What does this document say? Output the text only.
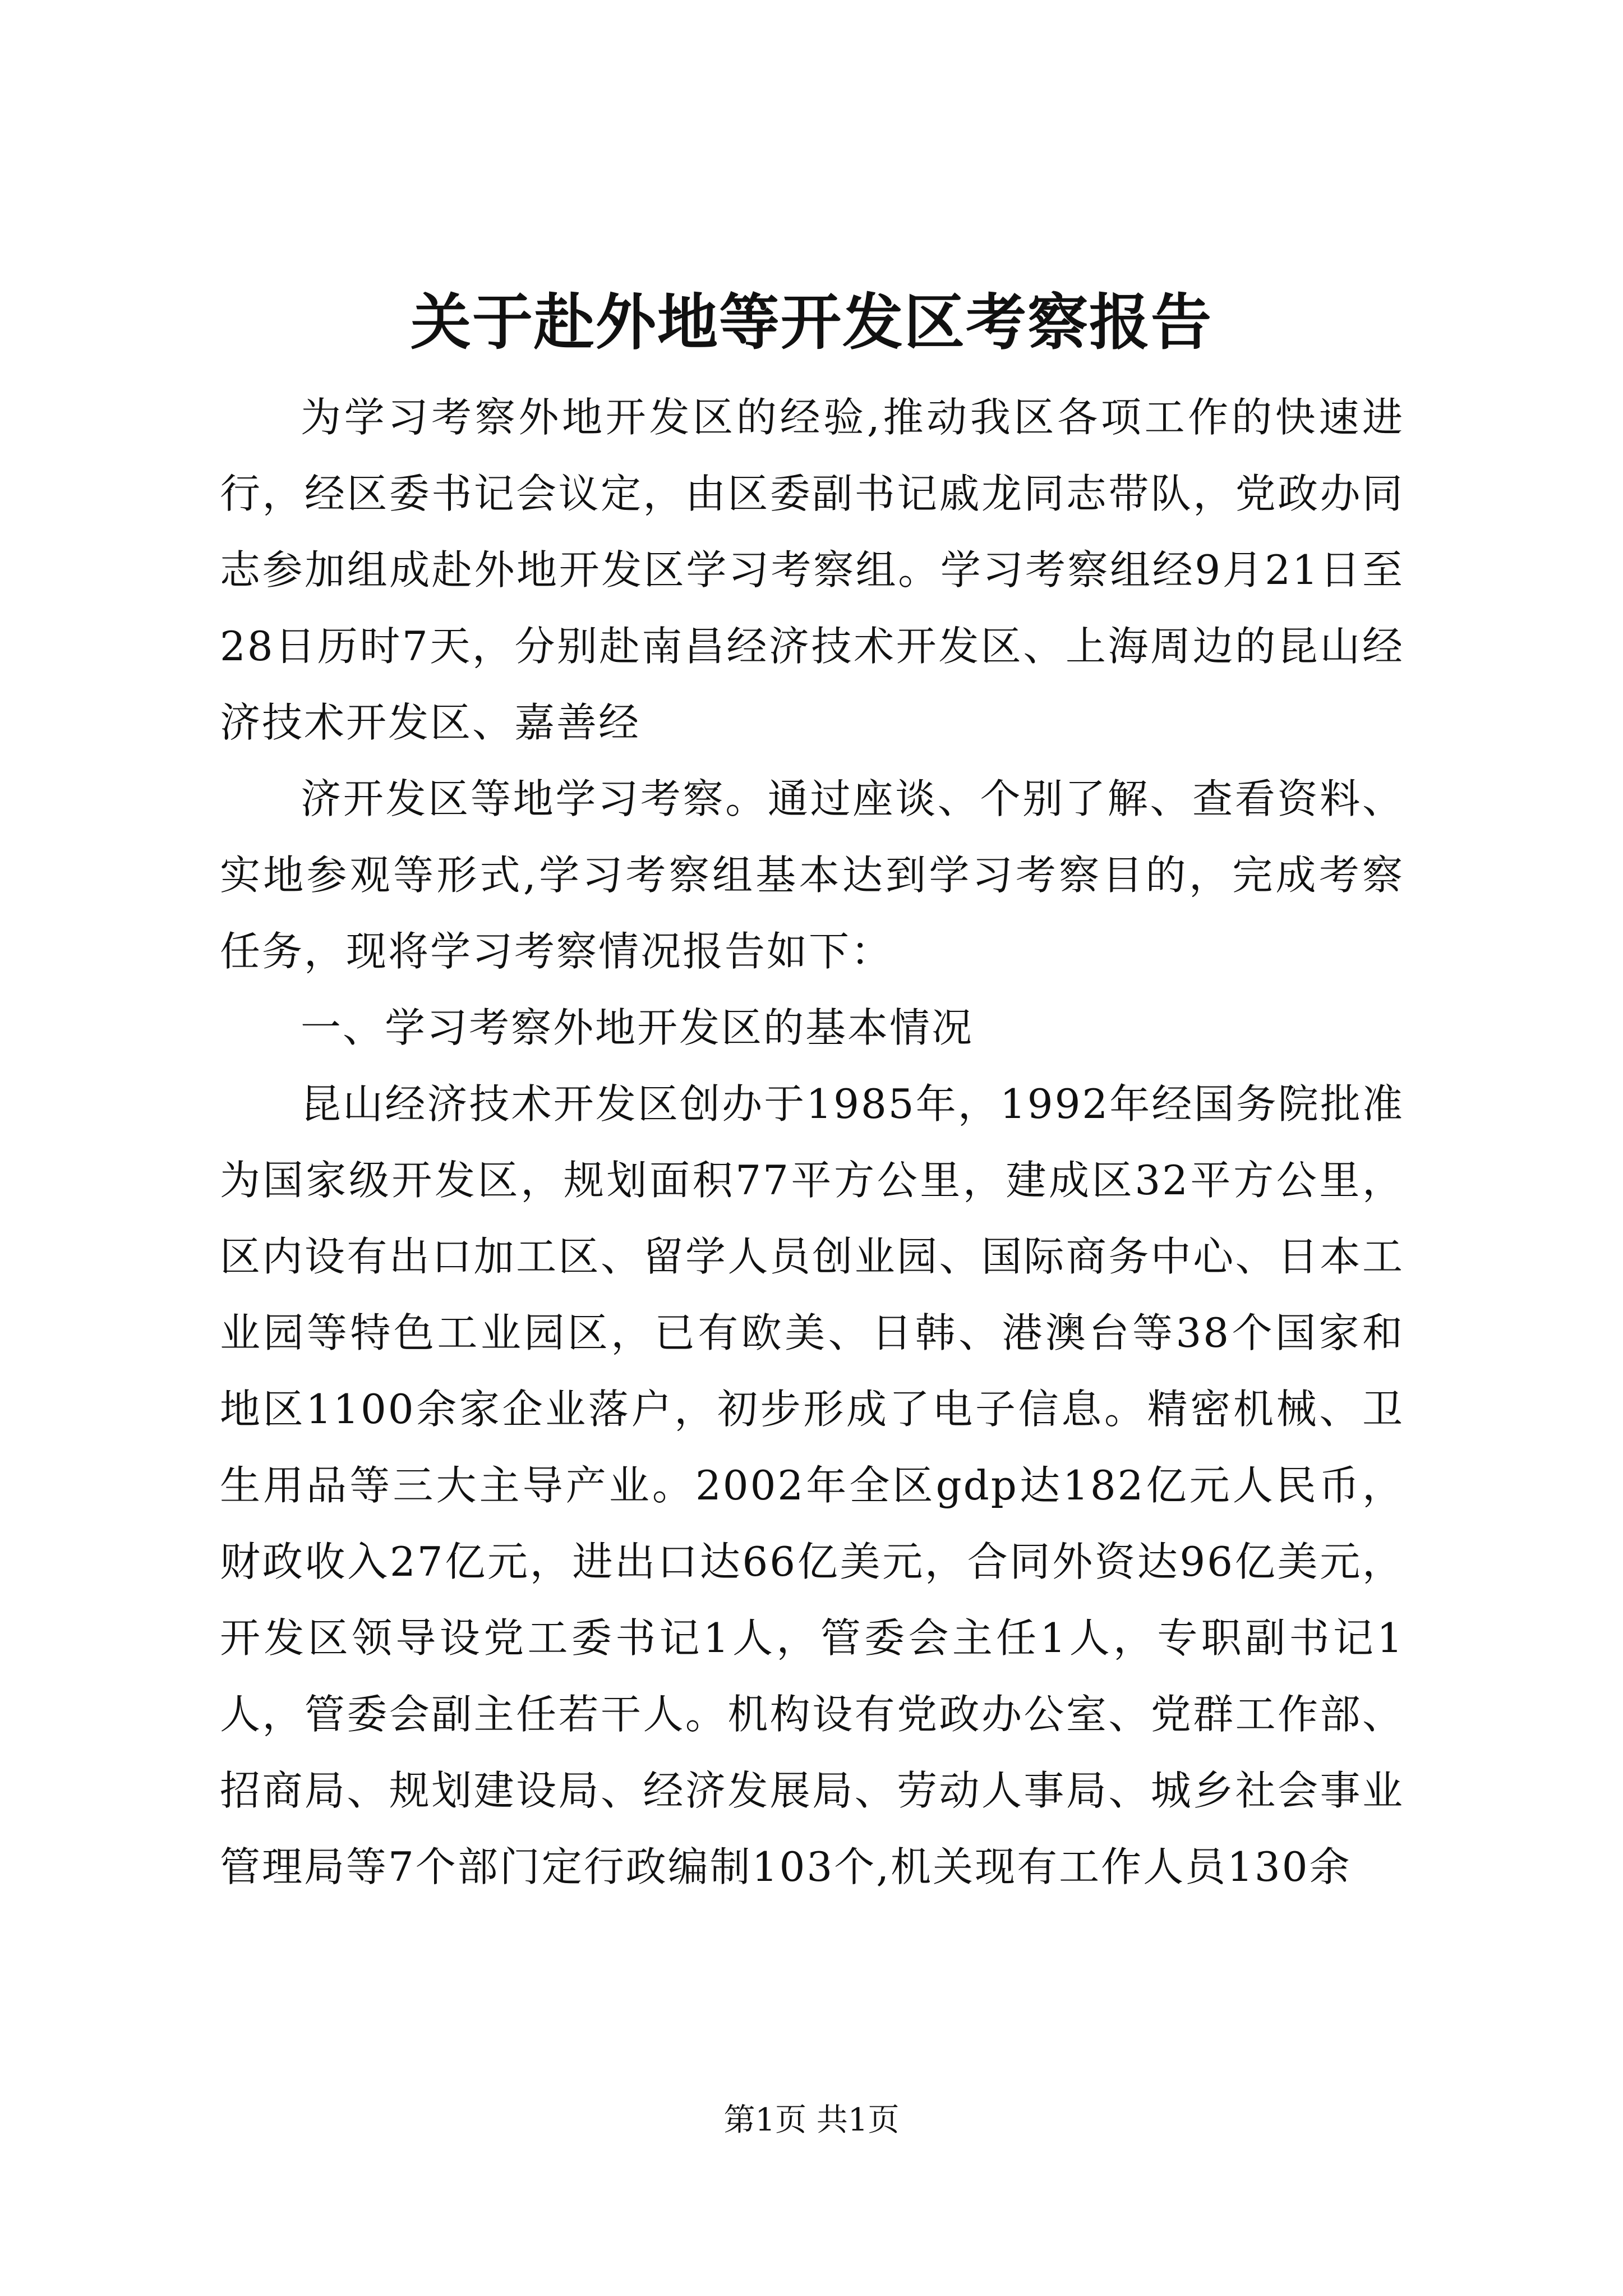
关于赴外地等开发区考察报告

为学习考察外地开发区的经验,推动我区各项工作的快速进行，经区委书记会议定，由区委副书记戚龙同志带队，党政办同志参加组成赴外地开发区学习考察组。学习考察组经9月21日至28日历时7天，分别赴南昌经济技术开发区、上海周边的昆山经济技术开发区、嘉善经

济开发区等地学习考察。通过座谈、个别了解、查看资料、实地参观等形式,学习考察组基本达到学习考察目的，完成考察任务，现将学习考察情况报告如下：

一、学习考察外地开发区的基本情况

昆山经济技术开发区创办于1985年，1992年经国务院批准为国家级开发区，规划面积77平方公里，建成区32平方公里，区内设有出口加工区、留学人员创业园、国际商务中心、日本工业园等特色工业园区，已有欧美、日韩、港澳台等38个国家和地区1100余家企业落户，初步形成了电子信息。精密机械、卫生用品等三大主导产业。2002年全区gdp达182亿元人民币，财政收入27亿元，进出口达66亿美元，合同外资达96亿美元，开发区领导设党工委书记1人，管委会主任1人，专职副书记1人，管委会副主任若干人。机构设有党政办公室、党群工作部、招商局、规划建设局、经济发展局、劳动人事局、城乡社会事业管理局等7个部门定行政编制103个,机关现有工作人员130余

第1页 共1页
